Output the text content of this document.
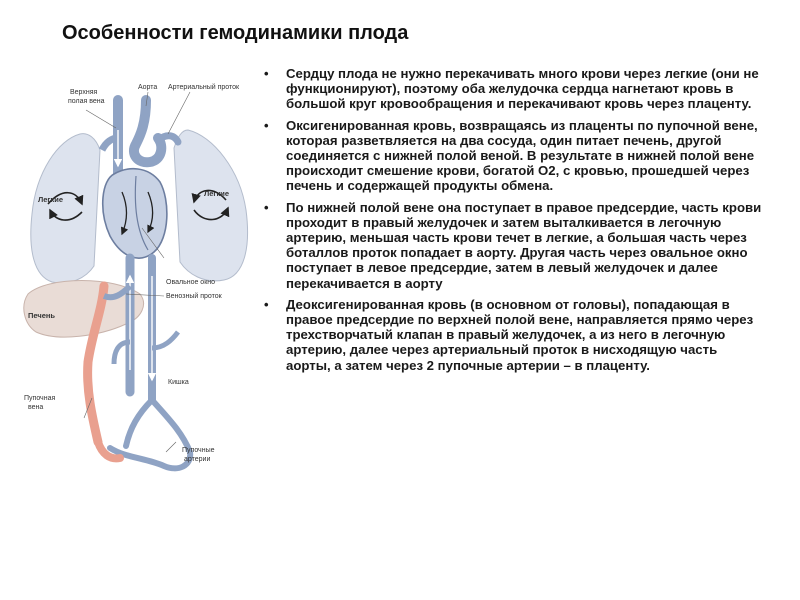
Особенности гемодинамики плода
Верхняя
полая вена
Аорта Артериальный проток
Легкие
Легкие
Овальное окно
Венозный проток
Печень
Кишка
Пупочная
вена
Пупочные
артерии
• Сердцу плода не нужно перекачивать много крови через легкие (они не функционируют), поэтому оба желудочка сердца нагнетают кровь в большой круг кровообращения и перекачивают кровь через плаценту.
• Оксигенированная кровь, возвращаясь из плаценты по пупочной вене, которая разветвляется на два сосуда, один питает печень, другой соединяется с нижней полой веной. В результате в нижней полой вене происходит смешение крови, богатой О2, с кровью, прошедшей через печень и содержащей продукты обмена.
• По нижней полой вене она поступает в правое предсердие, часть крови проходит в правый желудочек и затем выталкивается в легочную артерию, меньшая часть крови течет в легкие, а большая часть через боталлов проток попадает в аорту. Другая часть через овальное окно поступает в левое предсердие, затем в левый желудочек и далее перекачивается в аорту
• Деоксигенированная кровь (в основном от головы), попадающая в правое предсердие по верхней полой вене, направляется прямо через трехстворчатый клапан в правый желудочек, а из него в легочную артерию, далее через артериальный проток в нисходящую часть аорты, а затем через 2 пупочные артерии – в плаценту.
